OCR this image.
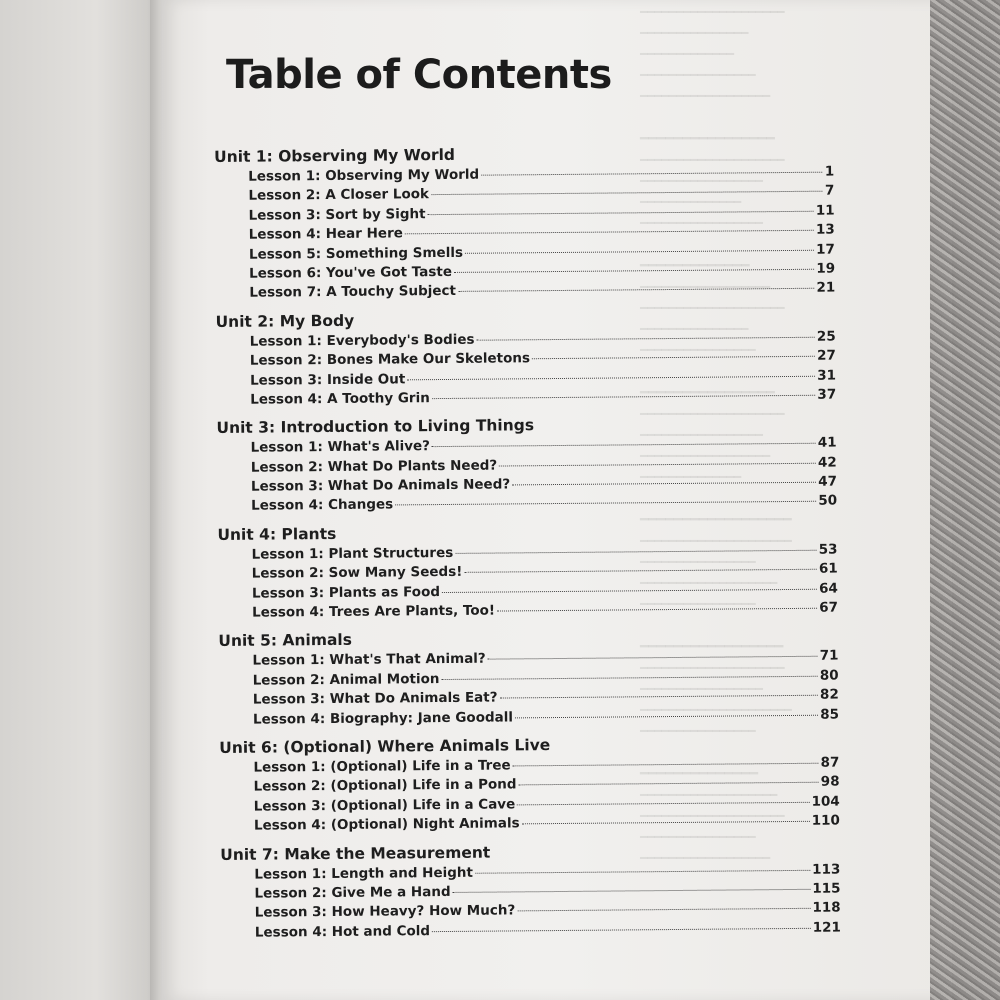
━━━━━━━━━━━━━━━━━━━━
━━━━━━━━━━━━━━━
━━━━━━━━━━━━━
━━━━━━━━━━━━━━━━
━━━━━━━━━━━━━━━━━━
━━━━━━━━━━━━━━━━
━━━━━━━━━━━━━━━━━━━━
━━━━━━━━━━━━━━━━━
━━━━━━━━━━━━━━
━━━━━━━━━━━━━━━━━
━━━━━━━━━━━━━
━━━━━━━━━━━━━━━━━━
━━━━━━━━━━━━━━━━━━━━
━━━━━━━━━━━━━━━
━━━━━━━━━━━━━━━━
━━━━━━━━━━━━━━━━
━━━━━━━━━━━━━━━━━━━━
━━━━━━━━━━━━━━━━━
━━━━━━━━━━━━━━━━━━
━━━━━━━━━━━━━━
━━━━━━━━━━━━━━━━━━
━━━━━━━━━━━━━━━━━━━━━
━━━━━━━━━━━━━━━━
━━━━━━━━━━━━━━━━━━━
━━━━━━━━━━━━━━━━
━━━━━━━━━━━━━━━━━
━━━━━━━━━━━━━━━━━━━━
━━━━━━━━━━━━━━━━━
━━━━━━━━━━━━━━━━━━━━━
━━━━━━━━━━━━━━━━
━━━━━━━━━━━━━━
━━━━━━━━━━━━━━━━━━━
━━━━━━━━━━━━━━━━━━━━
━━━━━━━━━━━━━━━━
━━━━━━━━━━━━━━━━━━
Table of Contents
Unit 1: Observing My World
Lesson 1: Observing My World	1
Lesson 2: A Closer Look	7
Lesson 3: Sort by Sight	11
Lesson 4: Hear Here	13
Lesson 5: Something Smells	17
Lesson 6: You've Got Taste	19
Lesson 7: A Touchy Subject	21
Unit 2: My Body
Lesson 1: Everybody's Bodies	25
Lesson 2: Bones Make Our Skeletons	27
Lesson 3: Inside Out	31
Lesson 4: A Toothy Grin	37
Unit 3: Introduction to Living Things
Lesson 1: What's Alive?	41
Lesson 2: What Do Plants Need?	42
Lesson 3: What Do Animals Need?	47
Lesson 4: Changes	50
Unit 4: Plants
Lesson 1: Plant Structures	53
Lesson 2: Sow Many Seeds!	61
Lesson 3: Plants as Food	64
Lesson 4: Trees Are Plants, Too!	67
Unit 5: Animals
Lesson 1: What's That Animal?	71
Lesson 2: Animal Motion	80
Lesson 3: What Do Animals Eat?	82
Lesson 4: Biography: Jane Goodall	85
Unit 6: (Optional) Where Animals Live
Lesson 1: (Optional) Life in a Tree	87
Lesson 2: (Optional) Life in a Pond	98
Lesson 3: (Optional) Life in a Cave	104
Lesson 4: (Optional) Night Animals	110
Unit 7: Make the Measurement
Lesson 1: Length and Height	113
Lesson 2: Give Me a Hand	115
Lesson 3: How Heavy? How Much?	118
Lesson 4: Hot and Cold	121
